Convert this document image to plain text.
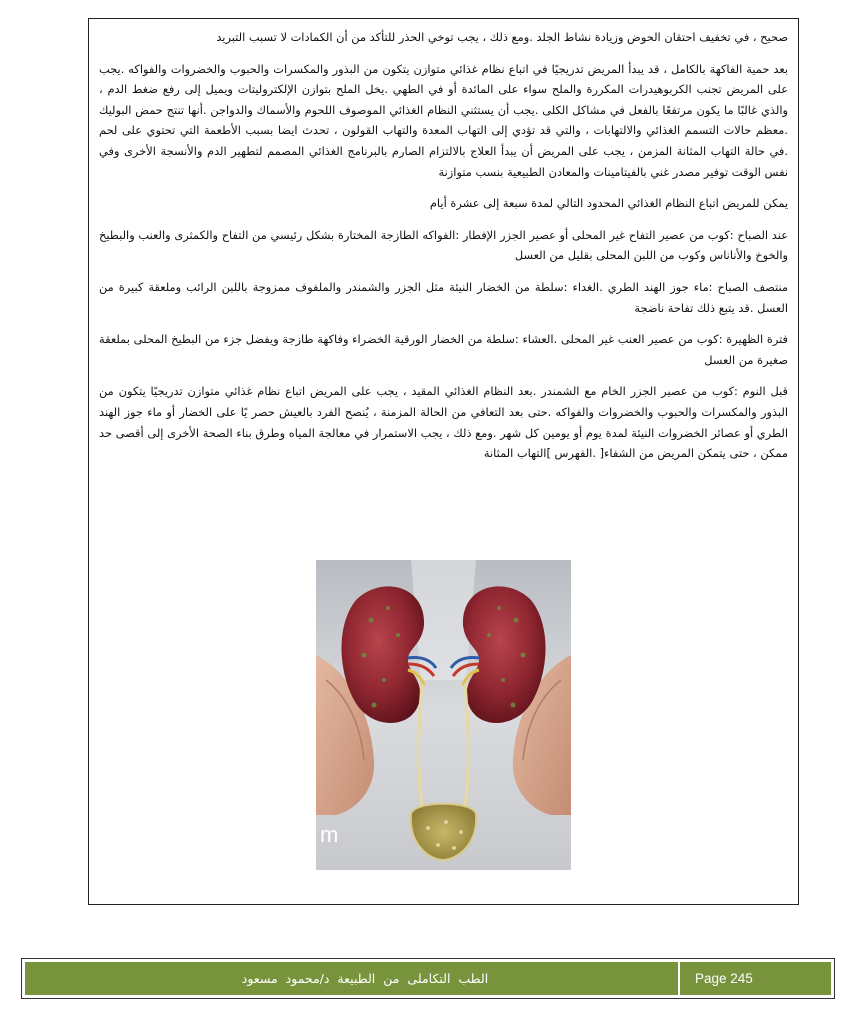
صحيح ، في تخفيف احتقان الحوض وزيادة نشاط الجلد .ومع ذلك ، يجب توخي الحذر للتأكد من أن الكمادات لا تسبب التبريد

بعد حمية الفاكهة بالكامل ، قد يبدأ المريض تدريجيًا في اتباع نظام غذائي متوازن يتكون من البذور والمكسرات والحبوب والخضروات والفواكه .يجب على المريض تجنب الكربوهيدرات المكررة والملح سواء على المائدة أو في الطهي .يخل الملح بتوازن الإلكتروليتات ويميل إلى رفع ضغط الدم ، والذي غالبًا ما يكون مرتفعًا بالفعل في مشاكل الكلى .يجب أن يستثني النظام الغذائي الموصوف اللحوم والأسماك والدواجن .أنها تنتج حمض البوليك .معظم حالات التسمم الغذائي والالتهابات ، والتي قد تؤدي إلى التهاب المعدة والتهاب القولون ، تحدث ايضا بسبب الأطعمة التي تحتوي على لحم .في حالة التهاب المثانة المزمن ، يجب على المريض أن يبدأ العلاج بالالتزام الصارم بالبرنامج الغذائي المصمم لتطهير الدم والأنسجة الأخرى وفي نفس الوقت توفير مصدر غني بالفيتامينات والمعادن الطبيعية بنسب متوازنة

يمكن للمريض اتباع النظام الغذائي المحدود التالي لمدة سبعة إلى عشرة أيام

عند الصباح :كوب من عصير التفاح غير المحلى أو عصير الجزر الإفطار :الفواكه الطازجة المختارة بشكل رئيسي من التفاح والكمثرى والعنب والبطيخ والخوخ والأناناس وكوب من اللبن المحلى بقليل من العسل

منتصف الصباح :ماء جوز الهند الطري .الغداء :سلطة من الخضار النيئة مثل الجزر والشمندر والملفوف ممزوجة باللبن الرائب وملعقة كبيرة من العسل .قد يتبع ذلك تفاحة ناضجة

فترة الظهيرة :كوب من عصير العنب غير المحلى .العشاء :سلطة من الخضار الورقية الخضراء وفاكهة طازجة ويفضل جزء من البطيخ المحلى بملعقة صغيرة من العسل

قبل النوم :كوب من عصير الجزر الخام مع الشمندر .بعد النظام الغذائي المقيد ، يجب على المريض اتباع نظام غذائي متوازن تدريجيًا يتكون من البذور والمكسرات والحبوب والخضروات والفواكه .حتى بعد التعافي من الحالة المزمنة ، يُنصح الفرد بالعيش حصر يًا على الخضار أو ماء جوز الهند الطري أو عصائر الخضروات النيئة لمدة يوم أو يومين كل شهر .ومع ذلك ، يجب الاستمرار في معالجة المياه وطرق بناء الصحة الأخرى إلى أقصى حد ممكن ، حتى يتمكن المريض من الشفاء[ .الفهرس ]التهاب المثانة

m
الطب التكاملى من الطبيعة د/محمود مسعود	Page 245
